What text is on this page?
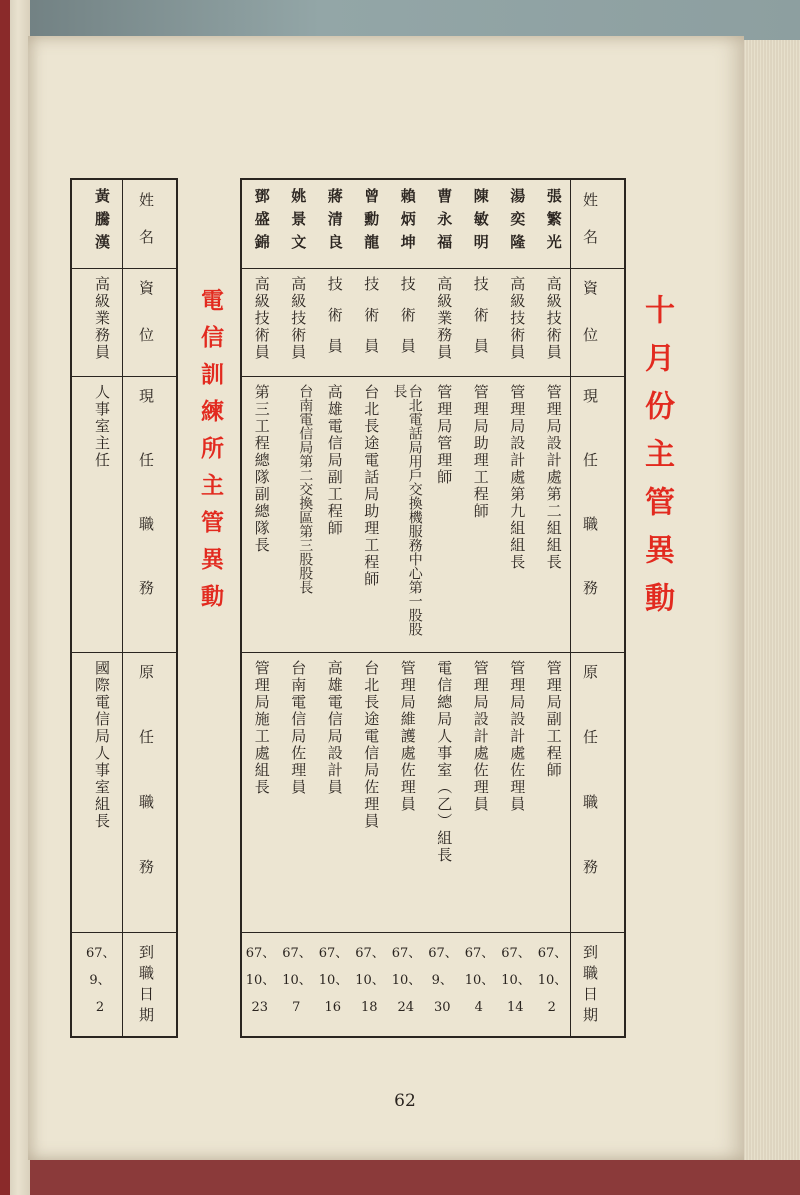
十月份主管異動
電信訓練所主管異動
姓名
資位
現任職務
原任職務
到職日期
張繁光
高級技術員
管理局設計處第二組組長
管理局副工程師
67、
10、
2
湯奕隆
高級技術員
管理局設計處第九組組長
管理局設計處佐理員
67、
10、
14
陳敏明
技術員
管理局助理工程師
管理局設計處佐理員
67、
10、
4
曹永福
高級業務員
管理局管理師
電信總局人事室（乙）組長
67、
9、
30
賴炳坤
技術員
台北電話局用戶交換機服務中心第一股股長
管理局維護處佐理員
67、
10、
24
曾勳龍
技術員
台北長途電話局助理工程師
台北長途電信局佐理員
67、
10、
18
蔣清良
技術員
高雄電信局副工程師
高雄電信局設計員
67、
10、
16
姚景文
高級技術員
台南電信局第二交換區第三股股長
台南電信局佐理員
67、
10、
7
鄧盛錦
高級技術員
第三工程總隊副總隊長
管理局施工處組長
67、
10、
23
姓名
資位
現任職務
原任職務
到職日期
黃騰漢
高級業務員
人事室主任
國際電信局人事室組長
67、
9、
2
62
